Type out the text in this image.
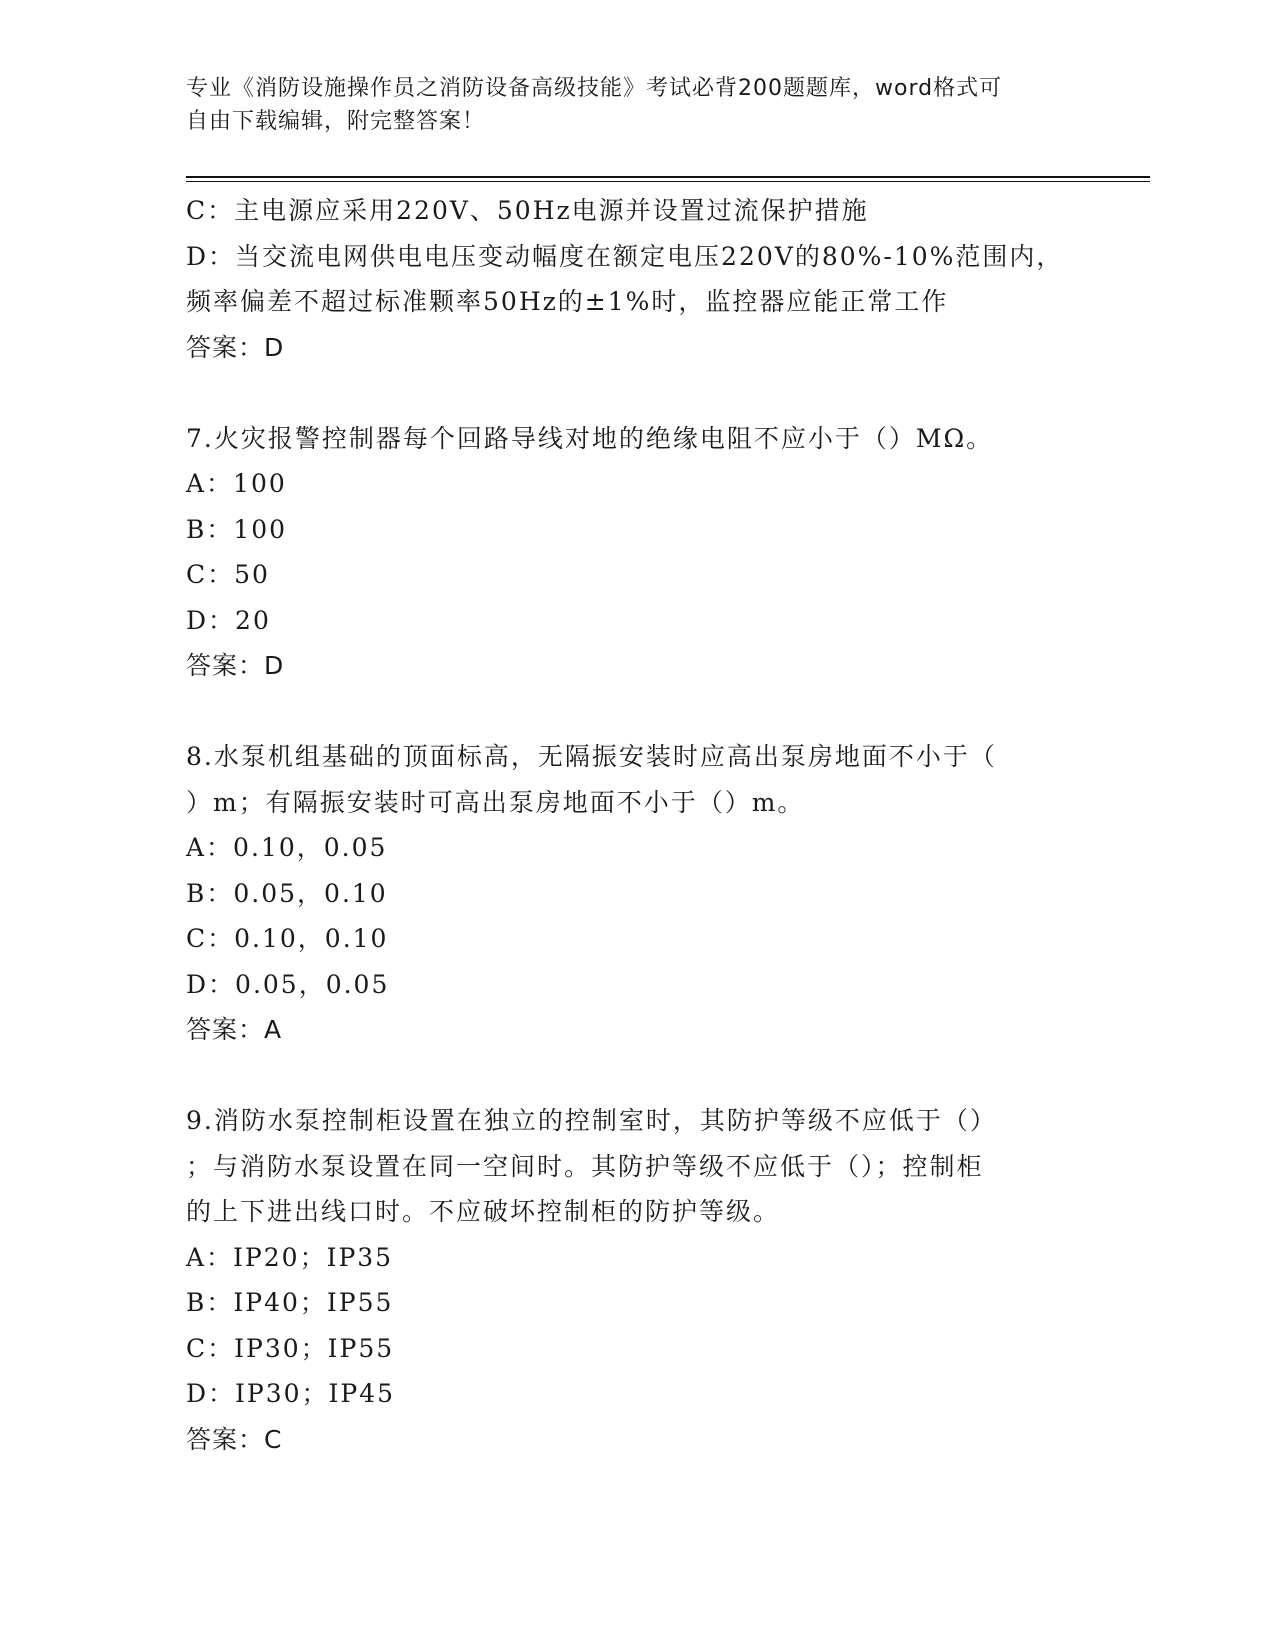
专业《消防设施操作员之消防设备高级技能》考试必背200题题库，word格式可
自由下载编辑，附完整答案！
C：主电源应采用220V、50Hz电源并设置过流保护措施
D：当交流电网供电电压变动幅度在额定电压220V的80%-10%范围内，
频率偏差不超过标准颗率50Hz的±1%时，监控器应能正常工作
答案：D
7.火灾报警控制器每个回路导线对地的绝缘电阻不应小于（）MΩ。
A：100
B：100
C：50
D：20
答案：D
8.水泵机组基础的顶面标高，无隔振安装时应高出泵房地面不小于（
）m；有隔振安装时可高出泵房地面不小于（）m。
A：0.10，0.05
B：0.05，0.10
C：0.10，0.10
D：0.05，0.05
答案：A
9.消防水泵控制柜设置在独立的控制室时，其防护等级不应低于（）
；与消防水泵设置在同一空间时。其防护等级不应低于（）；控制柜
的上下进出线口时。不应破坏控制柜的防护等级。
A：IP20；IP35
B：IP40；IP55
C：IP30；IP55
D：IP30；IP45
答案：C
